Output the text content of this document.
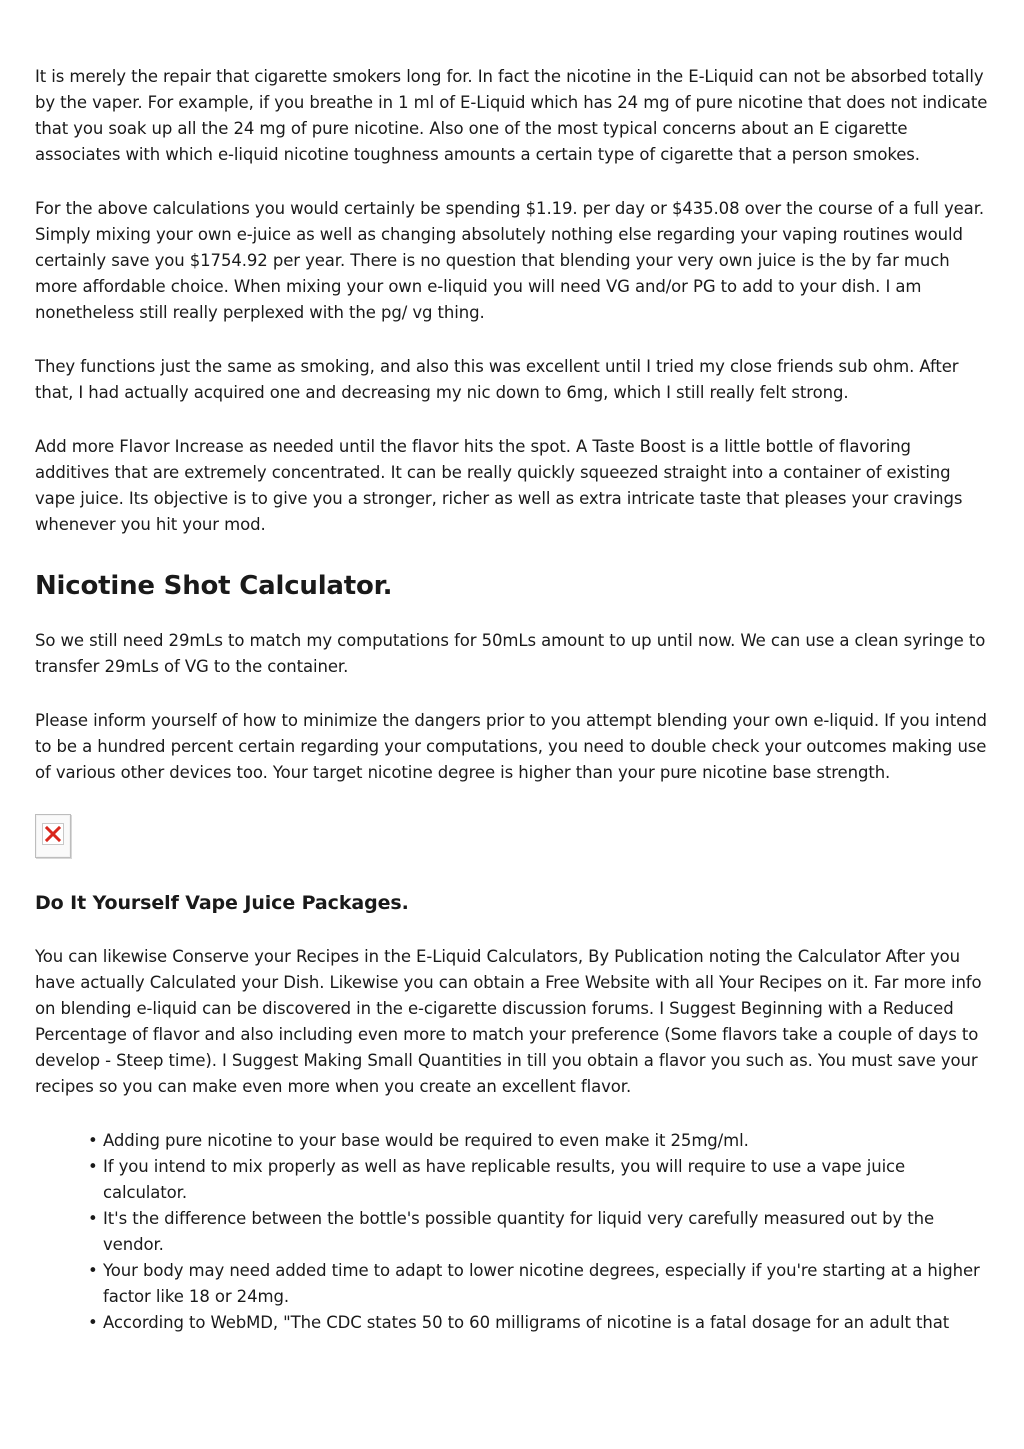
It is merely the repair that cigarette smokers long for. In fact the nicotine in the E-Liquid can not be absorbed totally by the vaper. For example, if you breathe in 1 ml of E-Liquid which has 24 mg of pure nicotine that does not indicate that you soak up all the 24 mg of pure nicotine. Also one of the most typical concerns about an E cigarette associates with which e-liquid nicotine toughness amounts a certain type of cigarette that a person smokes.

For the above calculations you would certainly be spending $1.19. per day or $435.08 over the course of a full year. Simply mixing your own e-juice as well as changing absolutely nothing else regarding your vaping routines would certainly save you $1754.92 per year. There is no question that blending your very own juice is the by far much more affordable choice. When mixing your own e-liquid you will need VG and/or PG to add to your dish. I am nonetheless still really perplexed with the pg/ vg thing.

They functions just the same as smoking, and also this was excellent until I tried my close friends sub ohm. After that, I had actually acquired one and decreasing my nic down to 6mg, which I still really felt strong.

Add more Flavor Increase as needed until the flavor hits the spot. A Taste Boost is a little bottle of flavoring additives that are extremely concentrated. It can be really quickly squeezed straight into a container of existing vape juice. Its objective is to give you a stronger, richer as well as extra intricate taste that pleases your cravings whenever you hit your mod.

Nicotine Shot Calculator.

So we still need 29mLs to match my computations for 50mLs amount to up until now. We can use a clean syringe to transfer 29mLs of VG to the container.

Please inform yourself of how to minimize the dangers prior to you attempt blending your own e-liquid. If you intend to be a hundred percent certain regarding your computations, you need to double check your outcomes making use of various other devices too. Your target nicotine degree is higher than your pure nicotine base strength.

Do It Yourself Vape Juice Packages.

You can likewise Conserve your Recipes in the E-Liquid Calculators, By Publication noting the Calculator After you have actually Calculated your Dish. Likewise you can obtain a Free Website with all Your Recipes on it. Far more info on blending e-liquid can be discovered in the e-cigarette discussion forums. I Suggest Beginning with a Reduced Percentage of flavor and also including even more to match your preference (Some flavors take a couple of days to develop - Steep time). I Suggest Making Small Quantities in till you obtain a flavor you such as. You must save your recipes so you can make even more when you create an excellent flavor.

• Adding pure nicotine to your base would be required to even make it 25mg/ml.
• If you intend to mix properly as well as have replicable results, you will require to use a vape juice calculator.
• It's the difference between the bottle's possible quantity for liquid very carefully measured out by the vendor.
• Your body may need added time to adapt to lower nicotine degrees, especially if you're starting at a higher factor like 18 or 24mg.
• According to WebMD, "The CDC states 50 to 60 milligrams of nicotine is a fatal dosage for an adult that
